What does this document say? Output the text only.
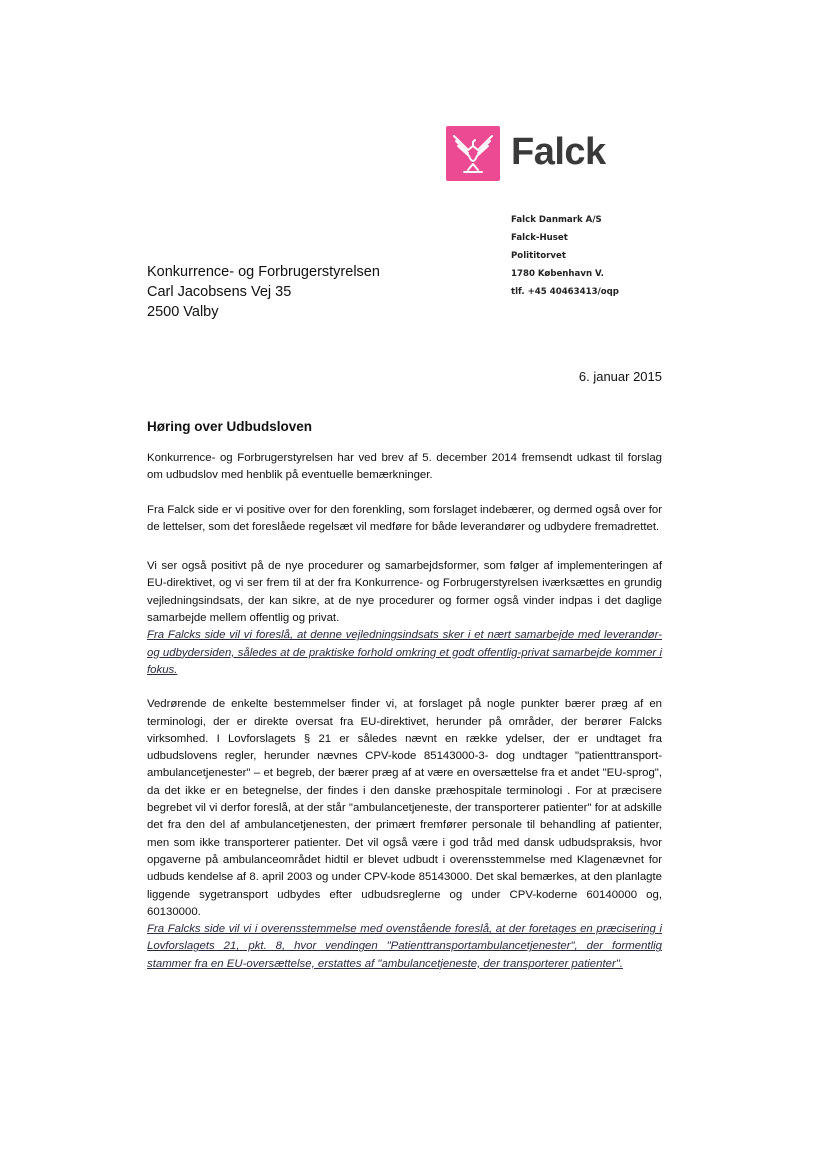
Falck
Falck Danmark A/S
Falck-Huset
Polititorvet
1780 København V.
tlf. +45 40463413/oqp
Konkurrence- og Forbrugerstyrelsen
Carl Jacobsens Vej 35
2500 Valby
6. januar 2015
Høring over Udbudsloven

Konkurrence- og Forbrugerstyrelsen har ved brev af 5. december 2014 fremsendt udkast til forslag om udbudslov med henblik på eventuelle bemærkninger.

Fra Falck side er vi positive over for den forenkling, som forslaget indebærer, og dermed også over for de lettelser, som det foreslåede regelsæt vil medføre for både leverandører og udbydere fremadrettet.

Vi ser også positivt på de nye procedurer og samarbejdsformer, som følger af implementeringen af EU-direktivet, og vi ser frem til at der fra Konkurrence- og Forbrugerstyrelsen iværksættes en grundig vejledningsindsats, der kan sikre, at de nye procedurer og former også vinder indpas i det daglige samarbejde mellem offentlig og privat.

Fra Falcks side vil vi foreslå, at denne vejledningsindsats sker i et nært samarbejde med leverandør- og udbydersiden, således at de praktiske forhold omkring et godt offentlig-privat samarbejde kommer i fokus.

Vedrørende de enkelte bestemmelser finder vi, at forslaget på nogle punkter bærer præg af en terminologi, der er direkte oversat fra EU-direktivet, herunder på områder, der berører Falcks virksomhed. I Lovforslagets § 21 er således nævnt en række ydelser, der er undtaget fra udbudslovens regler, herunder nævnes CPV-kode 85143000-3- dog undtager "patienttransport-ambulancetjenester" – et begreb, der bærer præg af at være en oversættelse fra et andet "EU-sprog", da det ikke er en betegnelse, der findes i den danske præhospitale terminologi . For at præcisere begrebet vil vi derfor foreslå, at der står "ambulancetjeneste, der transporterer patienter" for at adskille det fra den del af ambulancetjenesten, der primært fremfører personale til behandling af patienter, men som ikke transporterer patienter. Det vil også være i god tråd med dansk udbudspraksis, hvor opgaverne på ambulanceområdet hidtil er blevet udbudt i overensstemmelse med Klagenævnet for udbuds kendelse af 8. april 2003 og under CPV-kode 85143000. Det skal bemærkes, at den planlagte liggende sygetransport udbydes efter udbudsreglerne og under CPV-koderne 60140000 og, 60130000.

Fra Falcks side vil vi i overensstemmelse med ovenstående foreslå, at der foretages en præcisering i Lovforslagets 21, pkt. 8, hvor vendingen "Patienttransportambulancetjenester", der formentlig stammer fra en EU-oversættelse, erstattes af "ambulancetjeneste, der transporterer patienter".
